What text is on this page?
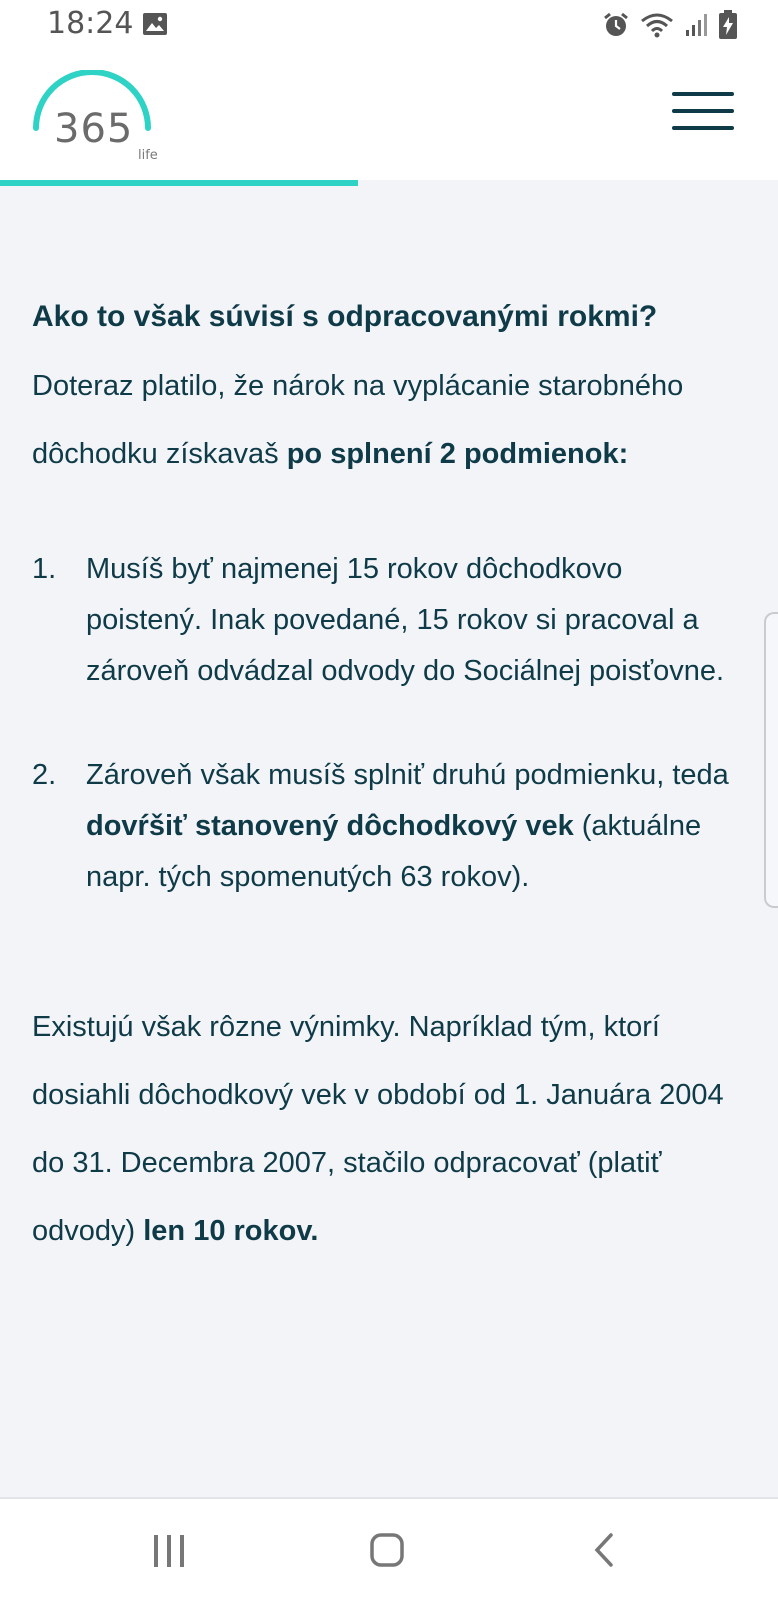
18:24
365
life
Ako to však súvisí s odpracovanými rokmi?

Doteraz platilo, že nárok na vyplácanie starobného dôchodku získavaš po splnení 2 podmienok:

1. Musíš byť najmenej 15 rokov dôchodkovo poistený. Inak povedané, 15 rokov si pracoval a zároveň odvádzal odvody do Sociálnej poisťovne.
2. Zároveň však musíš splniť druhú podmienku, teda dovŕšiť stanovený dôchodkový vek (aktuálne napr. tých spomenutých 63 rokov).

Existujú však rôzne výnimky. Napríklad tým, ktorí dosiahli dôchodkový vek v období od 1. Januára 2004 do 31. Decembra 2007, stačilo odpracovať (platiť odvody) len 10 rokov.
